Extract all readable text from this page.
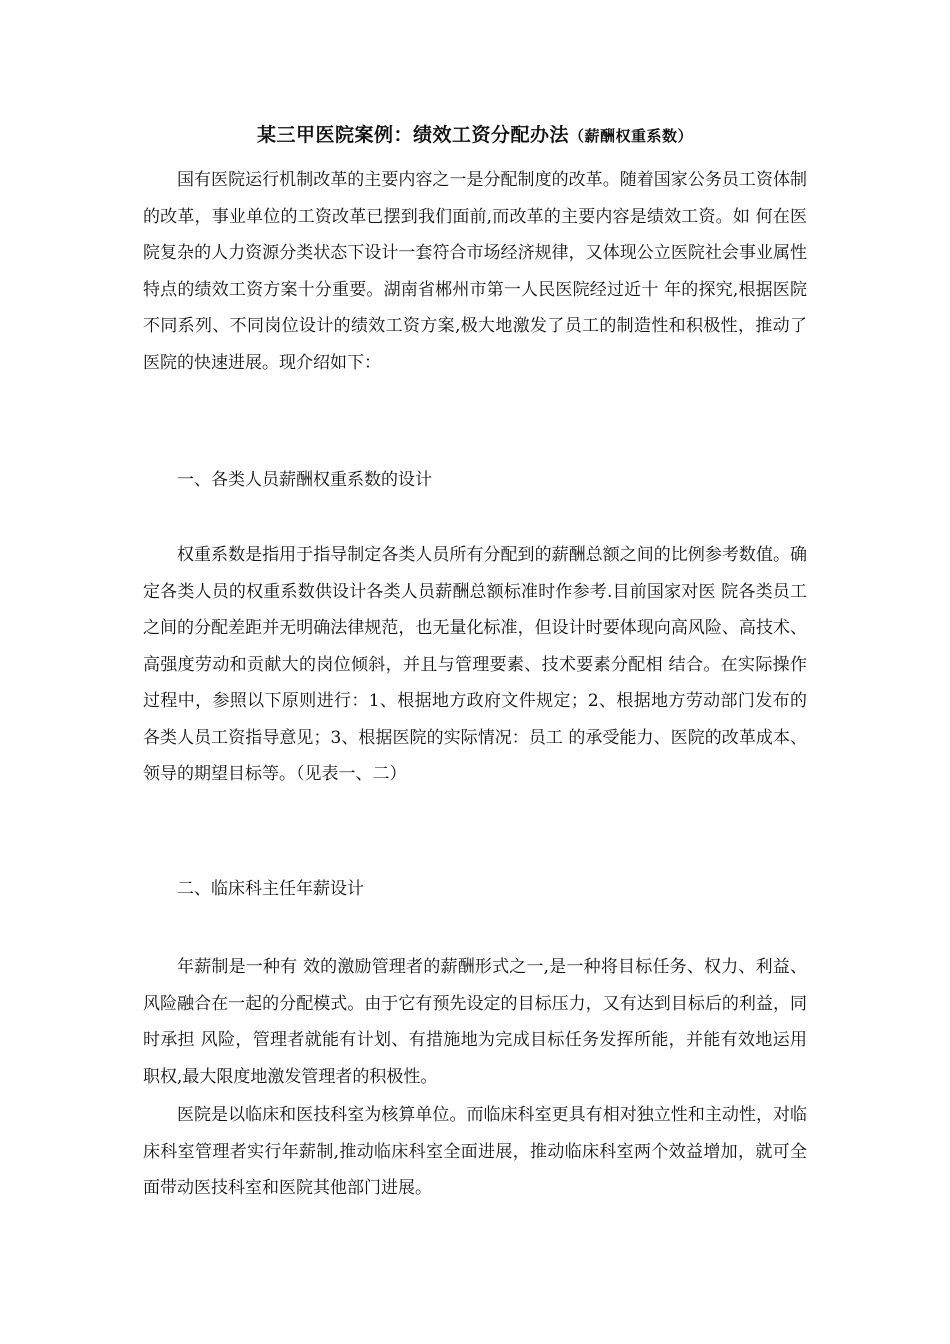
某三甲医院案例：绩效工资分配办法（薪酬权重系数）

国有医院运行机制改革的主要内容之一是分配制度的改革。随着国家公务员工资体制的改革，事业单位的工资改革已摆到我们面前,而改革的主要内容是绩效工资。如 何在医院复杂的人力资源分类状态下设计一套符合市场经济规律，又体现公立医院社会事业属性特点的绩效工资方案十分重要。湖南省郴州市第一人民医院经过近十 年的探究,根据医院不同系列、不同岗位设计的绩效工资方案,极大地激发了员工的制造性和积极性，推动了医院的快速进展。现介绍如下：

一、各类人员薪酬权重系数的设计

权重系数是指用于指导制定各类人员所有分配到的薪酬总额之间的比例参考数值。确定各类人员的权重系数供设计各类人员薪酬总额标准时作参考.目前国家对医 院各类员工之间的分配差距并无明确法律规范，也无量化标准，但设计时要体现向高风险、高技术、高强度劳动和贡献大的岗位倾斜，并且与管理要素、技术要素分配相 结合。在实际操作过程中，参照以下原则进行：1、根据地方政府文件规定；2、根据地方劳动部门发布的各类人员工资指导意见；3、根据医院的实际情况：员工 的承受能力、医院的改革成本、领导的期望目标等。（见表一、二）

二、临床科主任年薪设计

年薪制是一种有 效的激励管理者的薪酬形式之一,是一种将目标任务、权力、利益、风险融合在一起的分配模式。由于它有预先设定的目标压力，又有达到目标后的利益，同时承担 风险，管理者就能有计划、有措施地为完成目标任务发挥所能，并能有效地运用职权,最大限度地激发管理者的积极性。

医院是以临床和医技科室为核算单位。而临床科室更具有相对独立性和主动性，对临床科室管理者实行年薪制,推动临床科室全面进展，推动临床科室两个效益增加，就可全面带动医技科室和医院其他部门进展。
